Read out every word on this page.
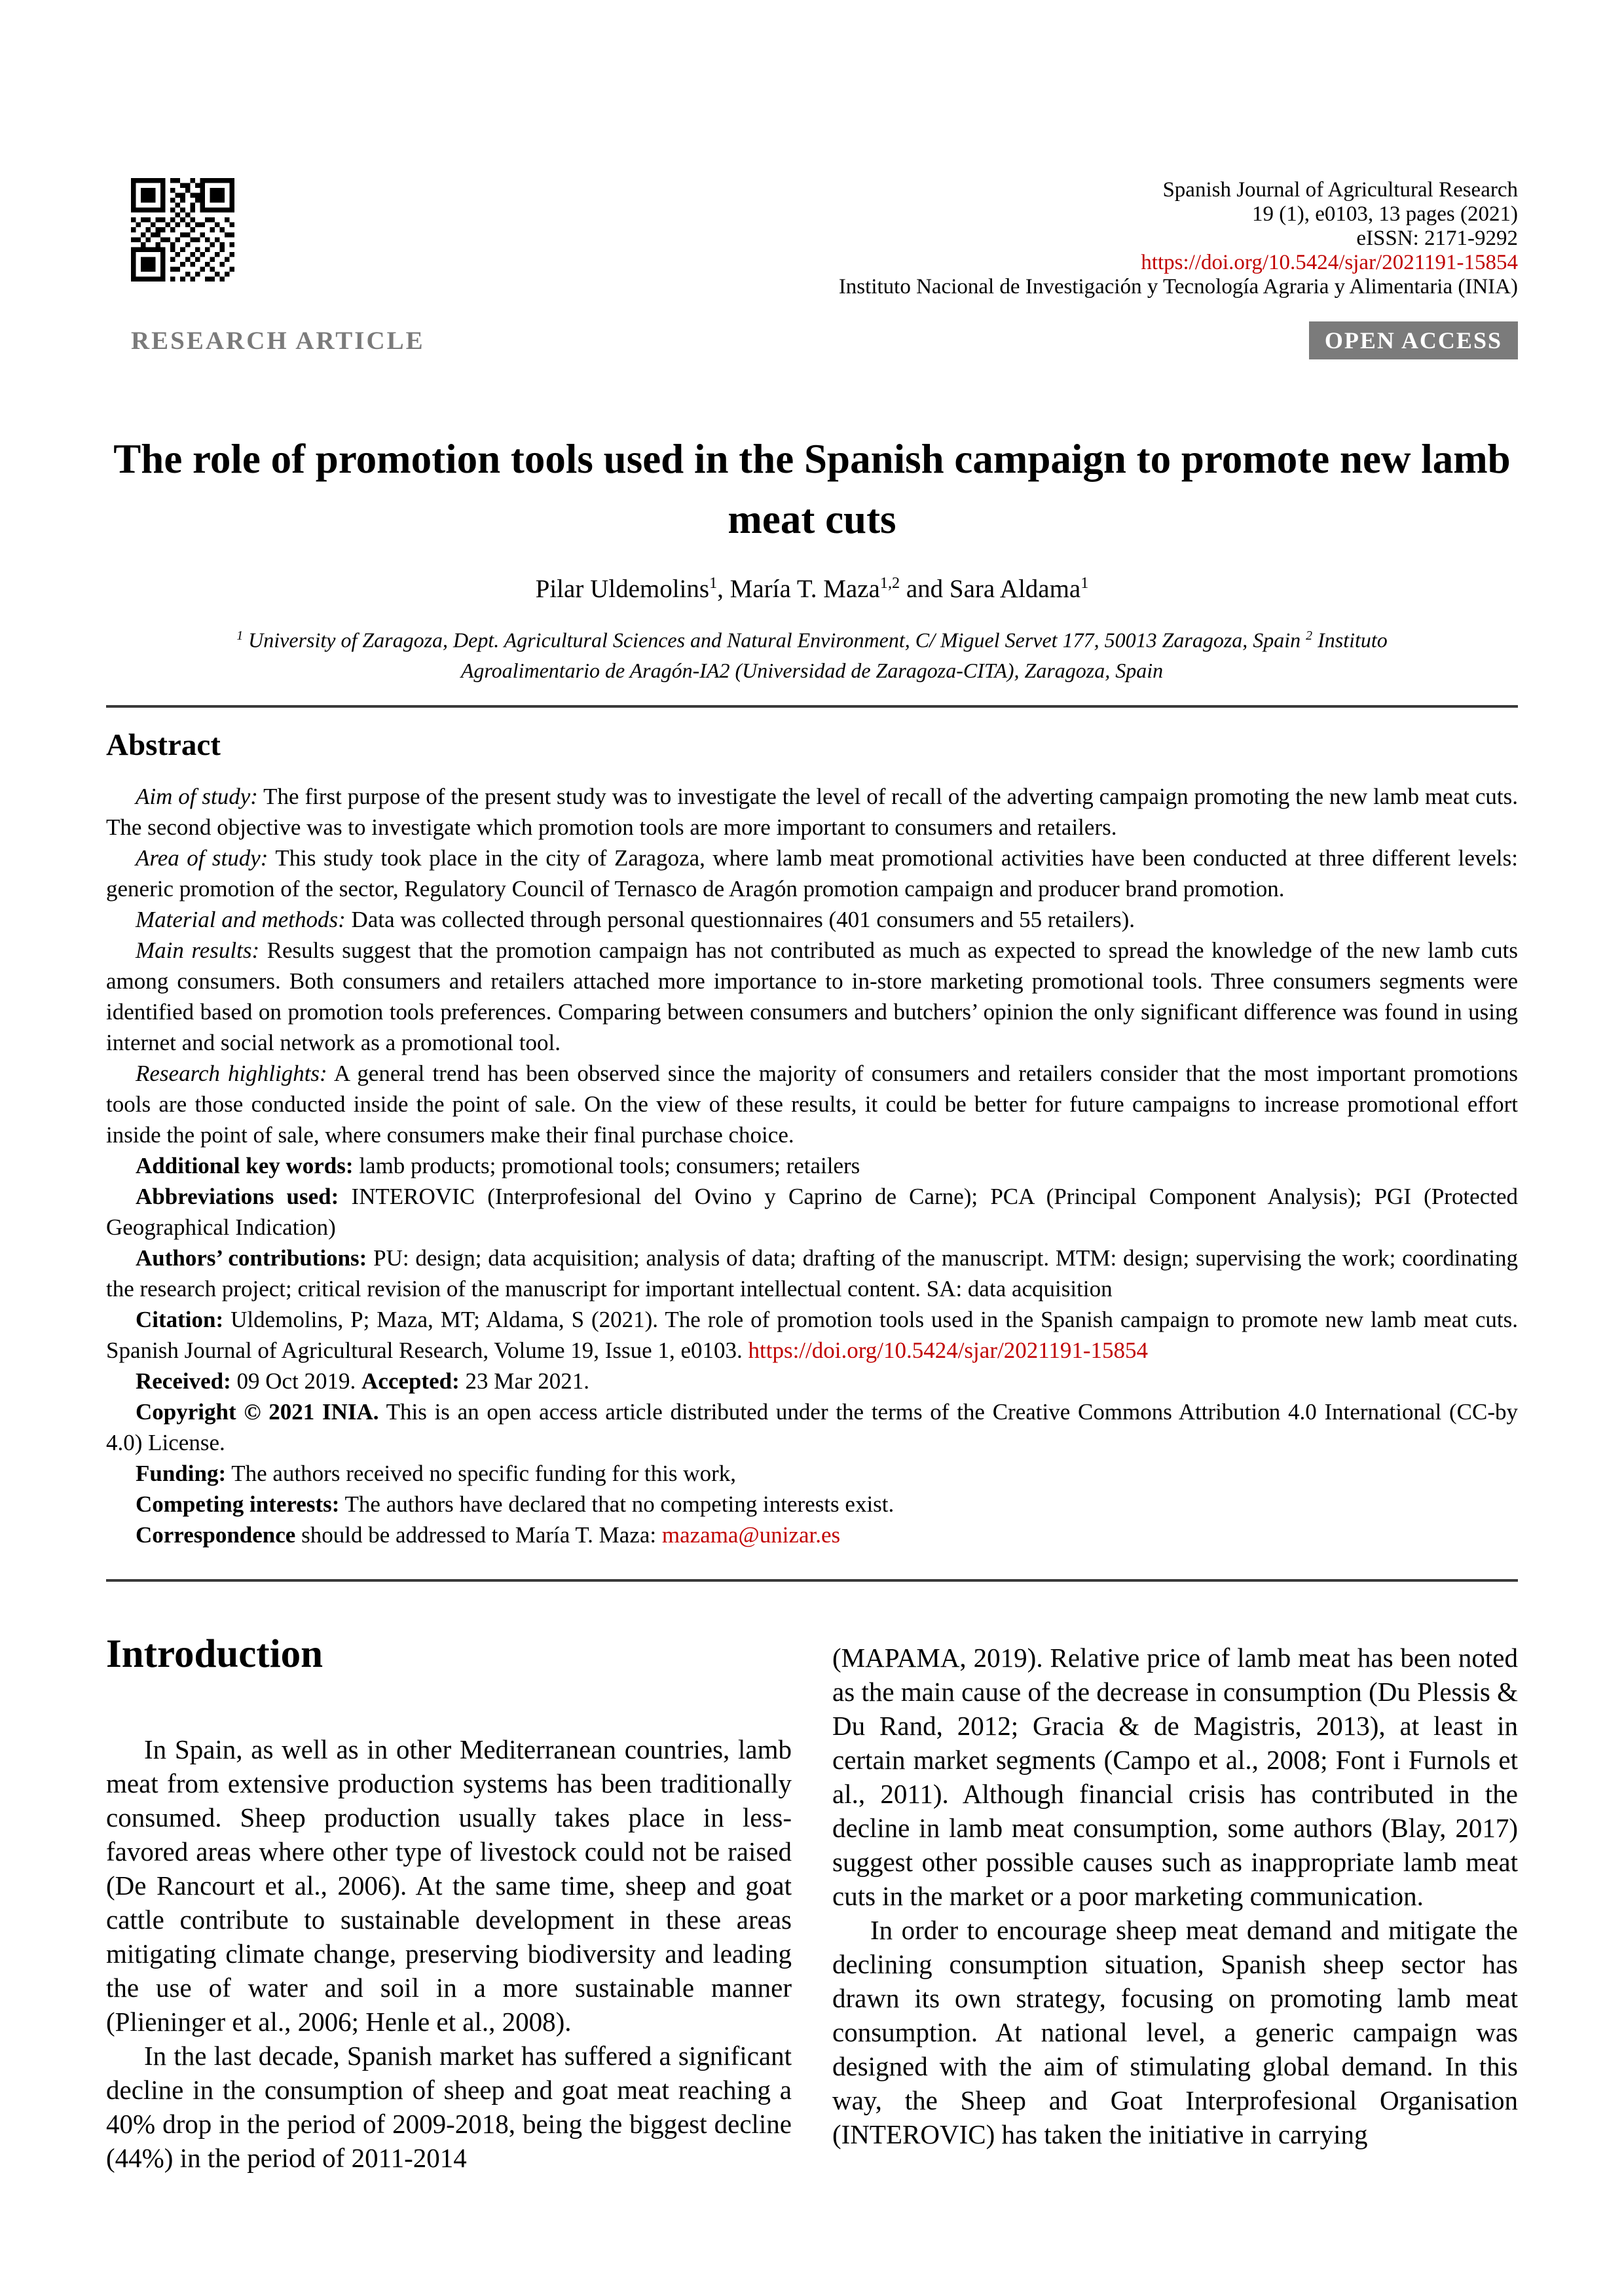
Spanish Journal of Agricultural Research
19 (1), e0103, 13 pages (2021)
eISSN: 2171-9292
https://doi.org/10.5424/sjar/2021191-15854
Instituto Nacional de Investigación y Tecnología Agraria y Alimentaria (INIA)
RESEARCH ARTICLE	OPEN ACCESS
The role of promotion tools used in the Spanish campaign to promote new lamb meat cuts
Pilar Uldemolins$^1$, María T. Maza$^{1,2}$ and Sara Aldama$^1$
$^1$ University of Zaragoza, Dept. Agricultural Sciences and Natural Environment, C/ Miguel Servet 177, 50013 Zaragoza, Spain $^2$ Instituto Agroalimentario de Aragón-IA2 (Universidad de Zaragoza-CITA), Zaragoza, Spain
Abstract

Aim of study: The first purpose of the present study was to investigate the level of recall of the adverting campaign promoting the new lamb meat cuts. The second objective was to investigate which promotion tools are more important to consumers and retailers.

Area of study: This study took place in the city of Zaragoza, where lamb meat promotional activities have been conducted at three different levels: generic promotion of the sector, Regulatory Council of Ternasco de Aragón promotion campaign and producer brand promotion.

Material and methods: Data was collected through personal questionnaires (401 consumers and 55 retailers).

Main results: Results suggest that the promotion campaign has not contributed as much as expected to spread the knowledge of the new lamb cuts among consumers. Both consumers and retailers attached more importance to in-store marketing promotional tools. Three consumers segments were identified based on promotion tools preferences. Comparing between consumers and butchers’ opinion the only significant difference was found in using internet and social network as a promotional tool.

Research highlights: A general trend has been observed since the majority of consumers and retailers consider that the most important promotions tools are those conducted inside the point of sale. On the view of these results, it could be better for future campaigns to increase promotional effort inside the point of sale, where consumers make their final purchase choice.

Additional key words: lamb products; promotional tools; consumers; retailers

Abbreviations used: INTEROVIC (Interprofesional del Ovino y Caprino de Carne); PCA (Principal Component Analysis); PGI (Protected Geographical Indication)

Authors’ contributions: PU: design; data acquisition; analysis of data; drafting of the manuscript. MTM: design; supervising the work; coordinating the research project; critical revision of the manuscript for important intellectual content. SA: data acquisition

Citation: Uldemolins, P; Maza, MT; Aldama, S (2021). The role of promotion tools used in the Spanish campaign to promote new lamb meat cuts. Spanish Journal of Agricultural Research, Volume 19, Issue 1, e0103. https://doi.org/10.5424/sjar/2021191-15854

Received: 09 Oct 2019. Accepted: 23 Mar 2021.

Copyright © 2021 INIA. This is an open access article distributed under the terms of the Creative Commons Attribution 4.0 International (CC-by 4.0) License.

Funding: The authors received no specific funding for this work,

Competing interests: The authors have declared that no competing interests exist.

Correspondence should be addressed to María T. Maza: mazama@unizar.es

Introduction

In Spain, as well as in other Mediterranean countries, lamb meat from extensive production systems has been traditionally consumed. Sheep production usually takes place in less-favored areas where other type of livestock could not be raised (De Rancourt et al., 2006). At the same time, sheep and goat cattle contribute to sustainable development in these areas mitigating climate change, preserving biodiversity and leading the use of water and soil in a more sustainable manner (Plieninger et al., 2006; Henle et al., 2008).

In the last decade, Spanish market has suffered a significant decline in the consumption of sheep and goat meat reaching a 40% drop in the period of 2009-2018, being the biggest decline (44%) in the period of 2011-2014

(MAPAMA, 2019). Relative price of lamb meat has been noted as the main cause of the decrease in consumption (Du Plessis & Du Rand, 2012; Gracia & de Magistris, 2013), at least in certain market segments (Campo et al., 2008; Font i Furnols et al., 2011). Although financial crisis has contributed in the decline in lamb meat consumption, some authors (Blay, 2017) suggest other possible causes such as inappropriate lamb meat cuts in the market or a poor marketing communication.

In order to encourage sheep meat demand and mitigate the declining consumption situation, Spanish sheep sector has drawn its own strategy, focusing on promoting lamb meat consumption. At national level, a generic campaign was designed with the aim of stimulating global demand. In this way, the Sheep and Goat Interprofesional Organisation (INTEROVIC) has taken the initiative in carrying
